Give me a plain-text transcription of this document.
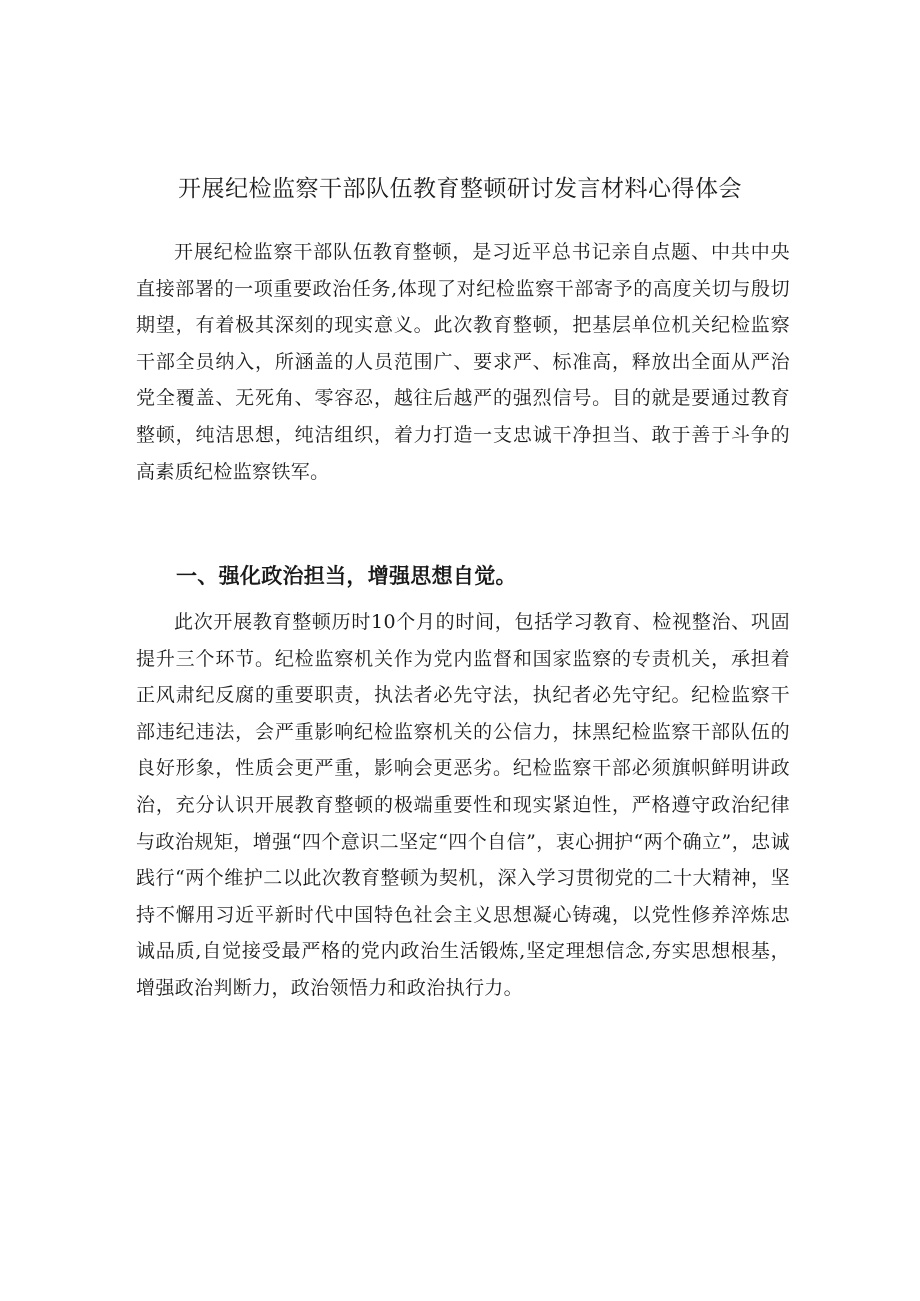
开展纪检监察干部队伍教育整顿研讨发言材料心得体会

开展纪检监察干部队伍教育整顿，是习近平总书记亲自点题、中共中央直接部署的一项重要政治任务,体现了对纪检监察干部寄予的高度关切与殷切期望，有着极其深刻的现实意义。此次教育整顿，把基层单位机关纪检监察干部全员纳入，所涵盖的人员范围广、要求严、标准高，释放出全面从严治党全覆盖、无死角、零容忍，越往后越严的强烈信号。目的就是要通过教育整顿，纯洁思想，纯洁组织，着力打造一支忠诚干净担当、敢于善于斗争的高素质纪检监察铁军。

一、强化政治担当，增强思想自觉。

此次开展教育整顿历时10个月的时间，包括学习教育、检视整治、巩固提升三个环节。纪检监察机关作为党内监督和国家监察的专责机关，承担着正风肃纪反腐的重要职责，执法者必先守法，执纪者必先守纪。纪检监察干部违纪违法，会严重影响纪检监察机关的公信力，抹黑纪检监察干部队伍的良好形象，性质会更严重，影响会更恶劣。纪检监察干部必须旗帜鲜明讲政治，充分认识开展教育整顿的极端重要性和现实紧迫性，严格遵守政治纪律与政治规矩，增强“四个意识二坚定“四个自信”，衷心拥护“两个确立”，忠诚践行“两个维护二以此次教育整顿为契机，深入学习贯彻党的二十大精神，坚持不懈用习近平新时代中国特色社会主义思想凝心铸魂，以党性修养淬炼忠诚品质,自觉接受最严格的党内政治生活锻炼,坚定理想信念,夯实思想根基，增强政治判断力，政治领悟力和政治执行力。
